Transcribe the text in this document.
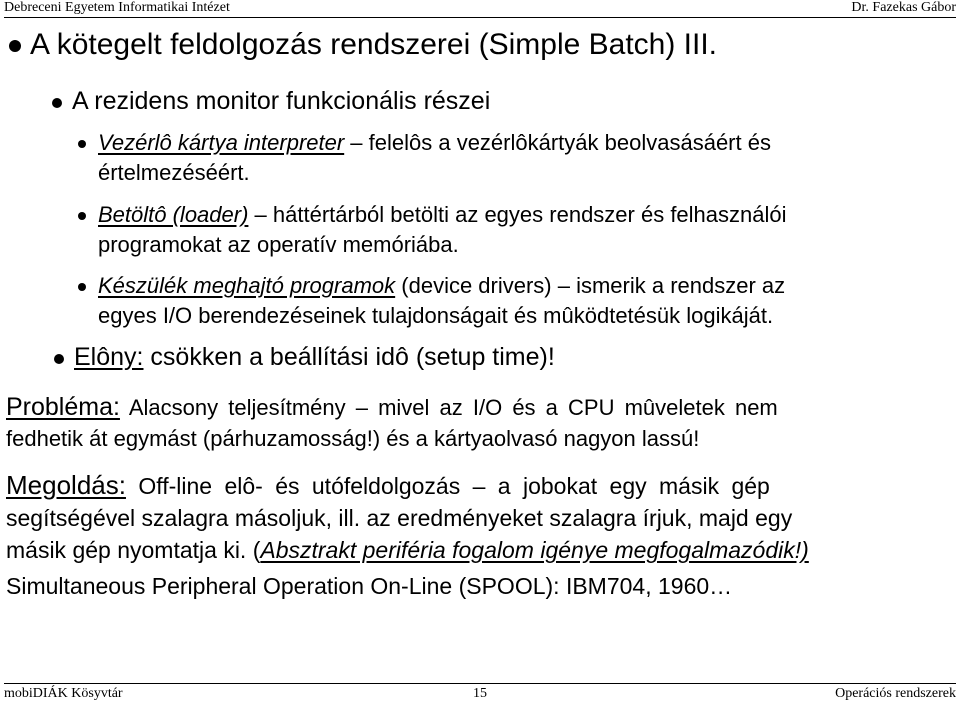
Debreceni Egyetem Informatikai Intézet	Dr. Fazekas Gábor
A kötegelt feldolgozás rendszerei (Simple Batch) III.
A rezidens monitor funkcionális részei
Vezérlô kártya interpreter – felelôs a vezérlôkártyák beolvasásáért és
értelmezéséért.
Betöltô (loader) – háttértárból betölti az egyes rendszer és felhasználói
programokat az operatív memóriába.
Készülék meghajtó programok (device drivers) – ismerik a rendszer az
egyes I/O berendezéseinek tulajdonságait és mûködtetésük logikáját.
Elôny: csökken a beállítási idô (setup time)!
Probléma: Alacsony teljesítmény – mivel az I/O és a CPU mûveletek nem
fedhetik át egymást (párhuzamosság!) és a kártyaolvasó nagyon lassú!
Megoldás: Off-line elô- és utófeldolgozás – a jobokat egy másik gép
segítségével szalagra másoljuk, ill. az eredményeket szalagra írjuk, majd egy
másik gép nyomtatja ki. (Absztrakt periféria fogalom igénye megfogalmazódik!)
Simultaneous Peripheral Operation On-Line (SPOOL): IBM704, 1960…
mobiDIÁK Kösyvtár	15	Operációs rendszerek
